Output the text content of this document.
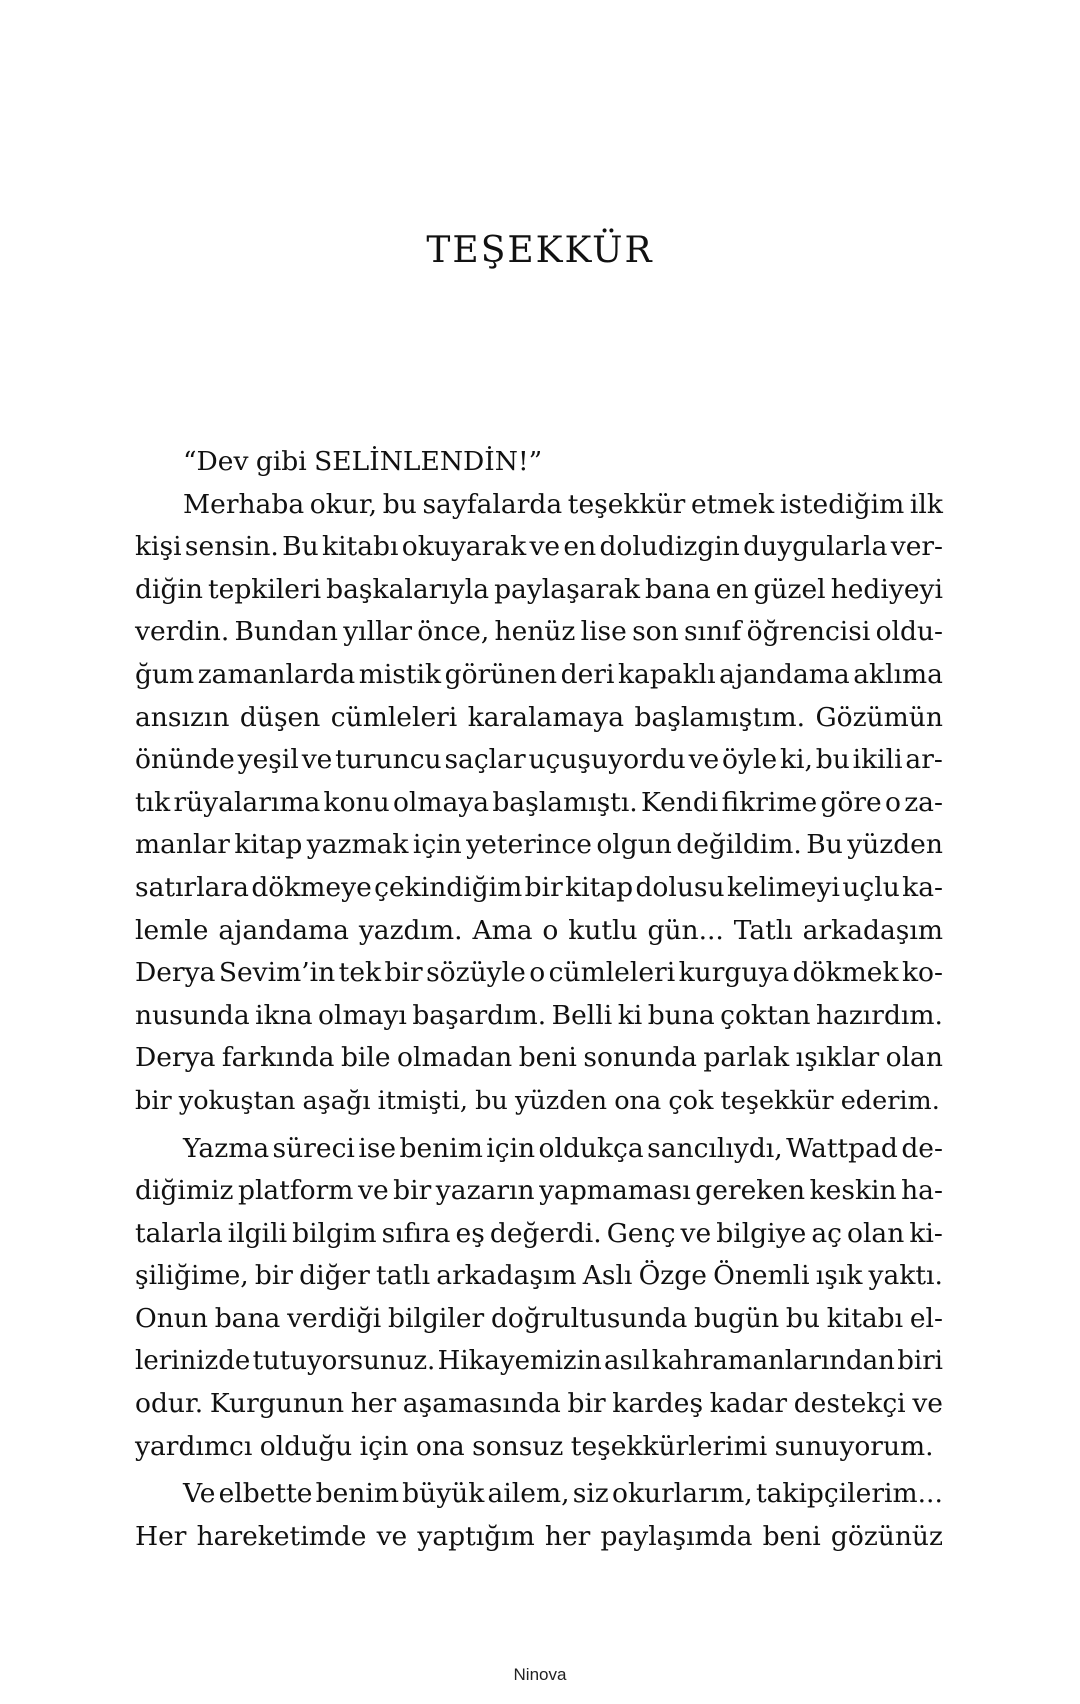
TEŞEKKÜR
“Dev gibi SELİNLENDİN!”
Merhaba okur, bu sayfalarda teşekkür etmek istediğim ilk
kişi sensin. Bu kitabı okuyarak ve en doludizgin duygularla ver-
diğin tepkileri başkalarıyla paylaşarak bana en güzel hediyeyi
verdin. Bundan yıllar önce, henüz lise son sınıf öğrencisi oldu-
ğum zamanlarda mistik görünen deri kapaklı ajandama aklıma
ansızın düşen cümleleri karalamaya başlamıştım. Gözümün
önünde yeşil ve turuncu saçlar uçuşuyordu ve öyle ki, bu ikili ar-
tık rüyalarıma konu olmaya başlamıştı. Kendi fikrime göre o za-
manlar kitap yazmak için yeterince olgun değildim. Bu yüzden
satırlara dökmeye çekindiğim bir kitap dolusu kelimeyi uçlu ka-
lemle ajandama yazdım. Ama o kutlu gün... Tatlı arkadaşım
Derya Sevim’in tek bir sözüyle o cümleleri kurguya dökmek ko-
nusunda ikna olmayı başardım. Belli ki buna çoktan hazırdım.
Derya farkında bile olmadan beni sonunda parlak ışıklar olan
bir yokuştan aşağı itmişti, bu yüzden ona çok teşekkür ederim.
Yazma süreci ise benim için oldukça sancılıydı, Wattpad de-
diğimiz platform ve bir yazarın yapmaması gereken keskin ha-
talarla ilgili bilgim sıfıra eş değerdi. Genç ve bilgiye aç olan ki-
şiliğime, bir diğer tatlı arkadaşım Aslı Özge Önemli ışık yaktı.
Onun bana verdiği bilgiler doğrultusunda bugün bu kitabı el-
lerinizde tutuyorsunuz. Hikayemizin asıl kahramanlarından biri
odur. Kurgunun her aşamasında bir kardeş kadar destekçi ve
yardımcı olduğu için ona sonsuz teşekkürlerimi sunuyorum.
Ve elbette benim büyük ailem, siz okurlarım, takipçilerim...
Her hareketimde ve yaptığım her paylaşımda beni gözünüz
Ninova
